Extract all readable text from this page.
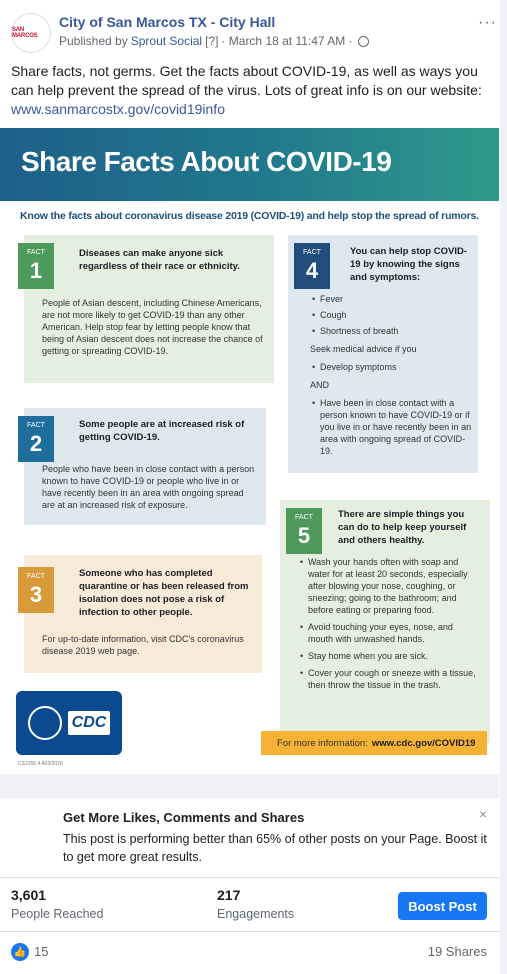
SAN MARCOS
City of San Marcos TX - City Hall
Published by Sprout Social [?] · March 18 at 11:47 AM ·
···
Share facts, not germs. Get the facts about COVID-19, as well as ways you can help prevent the spread of the virus. Lots of great info is on our website: www.sanmarcostx.gov/covid19info
Share Facts About COVID-19
Know the facts about coronavirus disease 2019 (COVID-19) and help stop the spread of rumors.
FACT
1
Diseases can make anyone sick regardless of their race or ethnicity.
People of Asian descent, including Chinese Americans, are not more likely to get COVID-19 than any other American. Help stop fear by letting people know that being of Asian descent does not increase the chance of getting or spreading COVID-19.
FACT
2
Some people are at increased risk of getting COVID-19.
People who have been in close contact with a person known to have COVID-19 or people who live in or have recently been in an area with ongoing spread are at an increased risk of exposure.
FACT
3
Someone who has completed quarantine or has been released from isolation does not pose a risk of infection to other people.
For up-to-date information, visit CDC's coronavirus disease 2019 web page.
FACT
4
You can help stop COVID-19 by knowing the signs and symptoms:
• Fever
• Cough
• Shortness of breath
Seek medical advice if you
• Develop symptoms
AND
• Have been in close contact with a person known to have COVID-19 or if you live in or have recently been in an area with ongoing spread of COVID-19.
FACT
5
There are simple things you can do to help keep yourself and others healthy.
• Wash your hands often with soap and water for at least 20 seconds, especially after blowing your nose, coughing, or sneezing; going to the bathroom; and before eating or preparing food.
• Avoid touching your eyes, nose, and mouth with unwashed hands.
• Stay home when you are sick.
• Cover your cough or sneeze with a tissue, then throw the tissue in the trash.
For more information: www.cdc.gov/COVID19
CDC
CS3155 4 A03/2020
Get More Likes, Comments and Shares
This post is performing better than 65% of other posts on your Page. Boost it to get more great results.
×
3,601
People Reached
217
Engagements
Boost Post
👍 15	19 Shares
